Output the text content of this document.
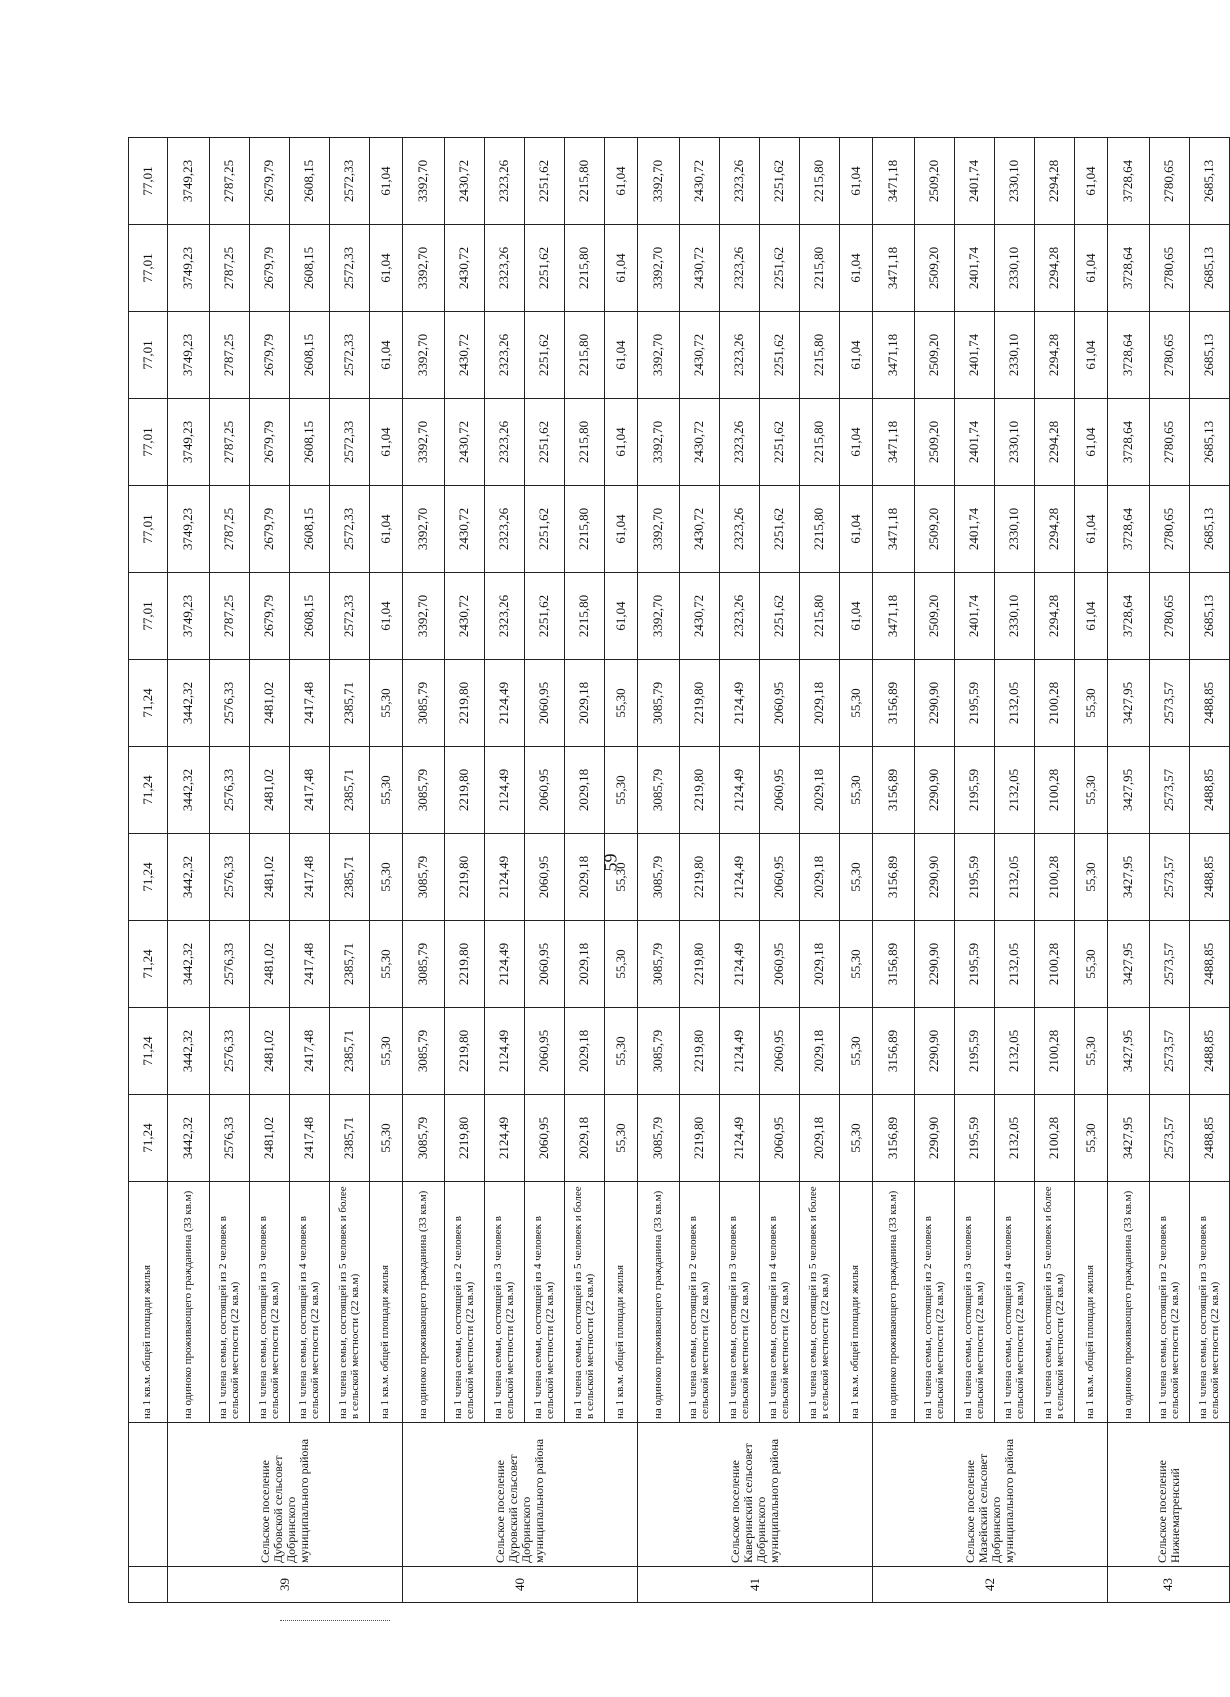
		на 1 кв.м. общей площади жилья	71,24	71,24	71,24	71,24	71,24	71,24	77,01	77,01	77,01	77,01	77,01	77,01
39	Сельское поселение
Дубовской сельсовет
Добринского
муниципального района	на одиноко проживающего гражданина (33 кв.м)	3442,32	3442,32	3442,32	3442,32	3442,32	3442,32	3749,23	3749,23	3749,23	3749,23	3749,23	3749,23
		на 1 члена семьи, состоящей из 2 человек в сельской местности (22 кв.м)	2576,33	2576,33	2576,33	2576,33	2576,33	2576,33	2787,25	2787,25	2787,25	2787,25	2787,25	2787,25
		на 1 члена семьи, состоящей из 3 человек в сельской местности (22 кв.м)	2481,02	2481,02	2481,02	2481,02	2481,02	2481,02	2679,79	2679,79	2679,79	2679,79	2679,79	2679,79
		на 1 члена семьи, состоящей из 4 человек в сельской местности (22 кв.м)	2417,48	2417,48	2417,48	2417,48	2417,48	2417,48	2608,15	2608,15	2608,15	2608,15	2608,15	2608,15
		на 1 члена семьи, состоящей из 5 человек и более в сельской местности (22 кв.м)	2385,71	2385,71	2385,71	2385,71	2385,71	2385,71	2572,33	2572,33	2572,33	2572,33	2572,33	2572,33
		на 1 кв.м. общей площади жилья	55,30	55,30	55,30	55,30	55,30	55,30	61,04	61,04	61,04	61,04	61,04	61,04
40	Сельское поселение
Дуровский сельсовет
Добринского
муниципального района	на одиноко проживающего гражданина (33 кв.м)	3085,79	3085,79	3085,79	3085,79	3085,79	3085,79	3392,70	3392,70	3392,70	3392,70	3392,70	3392,70
		на 1 члена семьи, состоящей из 2 человек в сельской местности (22 кв.м)	2219,80	2219,80	2219,80	2219,80	2219,80	2219,80	2430,72	2430,72	2430,72	2430,72	2430,72	2430,72
		на 1 члена семьи, состоящей из 3 человек в сельской местности (22 кв.м)	2124,49	2124,49	2124,49	2124,49	2124,49	2124,49	2323,26	2323,26	2323,26	2323,26	2323,26	2323,26
		на 1 члена семьи, состоящей из 4 человек в сельской местности (22 кв.м)	2060,95	2060,95	2060,95	2060,95	2060,95	2060,95	2251,62	2251,62	2251,62	2251,62	2251,62	2251,62
		на 1 члена семьи, состоящей из 5 человек и более в сельской местности (22 кв.м)	2029,18	2029,18	2029,18	2029,18	2029,18	2029,18	2215,80	2215,80	2215,80	2215,80	2215,80	2215,80
		на 1 кв.м. общей площади жилья	55,30	55,30	55,30	55,30	55,30	55,30	61,04	61,04	61,04	61,04	61,04	61,04
41	Сельское поселение
Каверинский сельсовет
Добринского
муниципального района	на одиноко проживающего гражданина (33 кв.м)	3085,79	3085,79	3085,79	3085,79	3085,79	3085,79	3392,70	3392,70	3392,70	3392,70	3392,70	3392,70
		на 1 члена семьи, состоящей из 2 человек в сельской местности (22 кв.м)	2219,80	2219,80	2219,80	2219,80	2219,80	2219,80	2430,72	2430,72	2430,72	2430,72	2430,72	2430,72
		на 1 члена семьи, состоящей из 3 человек в сельской местности (22 кв.м)	2124,49	2124,49	2124,49	2124,49	2124,49	2124,49	2323,26	2323,26	2323,26	2323,26	2323,26	2323,26
		на 1 члена семьи, состоящей из 4 человек в сельской местности (22 кв.м)	2060,95	2060,95	2060,95	2060,95	2060,95	2060,95	2251,62	2251,62	2251,62	2251,62	2251,62	2251,62
		на 1 члена семьи, состоящей из 5 человек и более в сельской местности (22 кв.м)	2029,18	2029,18	2029,18	2029,18	2029,18	2029,18	2215,80	2215,80	2215,80	2215,80	2215,80	2215,80
		на 1 кв.м. общей площади жилья	55,30	55,30	55,30	55,30	55,30	55,30	61,04	61,04	61,04	61,04	61,04	61,04
42	Сельское поселение
Мазейский сельсовет
Добринского
муниципального района	на одиноко проживающего гражданина (33 кв.м)	3156,89	3156,89	3156,89	3156,89	3156,89	3156,89	3471,18	3471,18	3471,18	3471,18	3471,18	3471,18
		на 1 члена семьи, состоящей из 2 человек в сельской местности (22 кв.м)	2290,90	2290,90	2290,90	2290,90	2290,90	2290,90	2509,20	2509,20	2509,20	2509,20	2509,20	2509,20
		на 1 члена семьи, состоящей из 3 человек в сельской местности (22 кв.м)	2195,59	2195,59	2195,59	2195,59	2195,59	2195,59	2401,74	2401,74	2401,74	2401,74	2401,74	2401,74
		на 1 члена семьи, состоящей из 4 человек в сельской местности (22 кв.м)	2132,05	2132,05	2132,05	2132,05	2132,05	2132,05	2330,10	2330,10	2330,10	2330,10	2330,10	2330,10
		на 1 члена семьи, состоящей из 5 человек и более в сельской местности (22 кв.м)	2100,28	2100,28	2100,28	2100,28	2100,28	2100,28	2294,28	2294,28	2294,28	2294,28	2294,28	2294,28
		на 1 кв.м. общей площади жилья	55,30	55,30	55,30	55,30	55,30	55,30	61,04	61,04	61,04	61,04	61,04	61,04
43	Сельское поселение
Нижнематренский	на одиноко проживающего гражданина (33 кв.м)	3427,95	3427,95	3427,95	3427,95	3427,95	3427,95	3728,64	3728,64	3728,64	3728,64	3728,64	3728,64
		на 1 члена семьи, состоящей из 2 человек в сельской местности (22 кв.м)	2573,57	2573,57	2573,57	2573,57	2573,57	2573,57	2780,65	2780,65	2780,65	2780,65	2780,65	2780,65
		на 1 члена семьи, состоящей из 3 человек в сельской местности (22 кв.м)	2488,85	2488,85	2488,85	2488,85	2488,85	2488,85	2685,13	2685,13	2685,13	2685,13	2685,13	2685,13
59
